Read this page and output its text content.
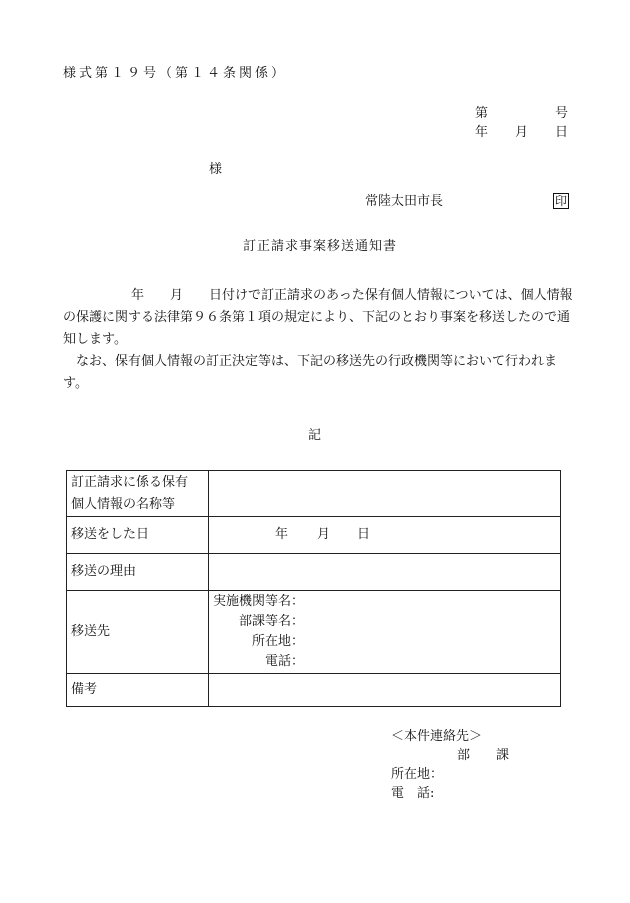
様式第１９号（第１４条関係）
第	号
年 月 日
様
常陸太田市長	印
訂正請求事案移送通知書

年　　月　　日付けで訂正請求のあった保有個人情報については、個人情報の保護に関する法律第９６条第１項の規定により、下記のとおり事案を移送したので通知します。

なお、保有個人情報の訂正決定等は、下記の移送先の行政機関等において行われます。

記
訂正請求に係る保有
個人情報の名称等	

移送をした日	年 月 日
移送の理由	
移送先	実施機関等名：
部課等名：
所在地：
電話：

備考	
＜本件連絡先＞
部　　課
所在地：
電　話:
